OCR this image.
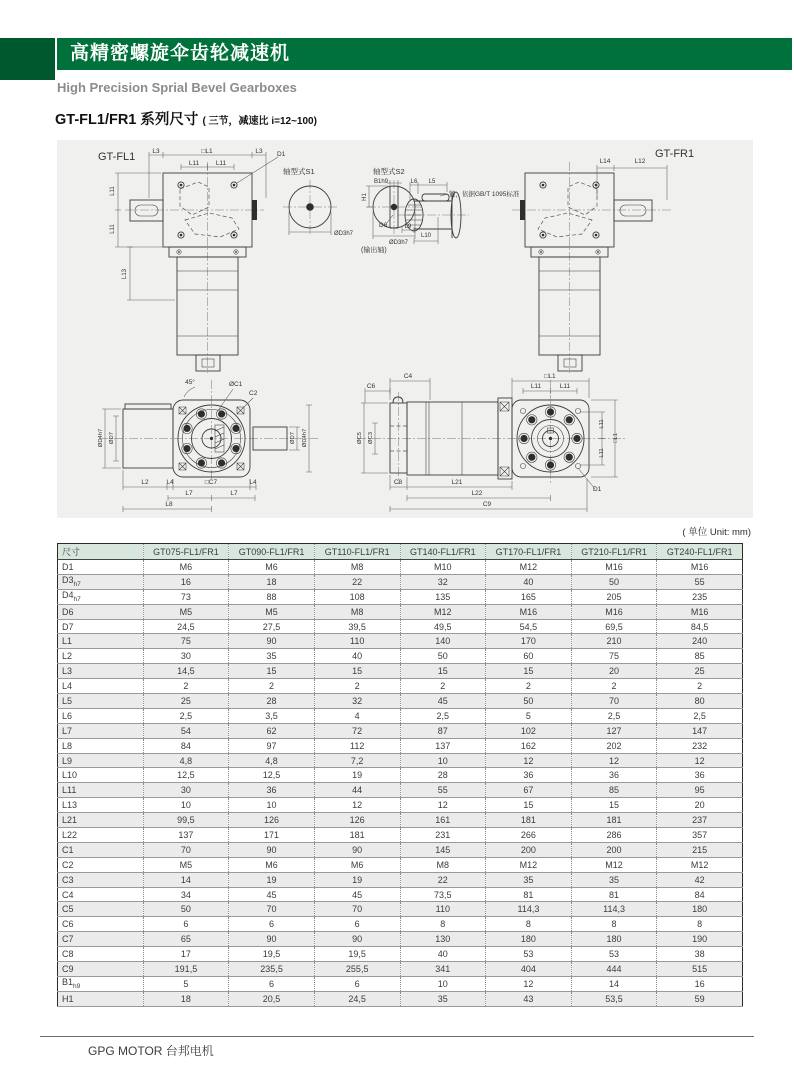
高精密螺旋伞齿轮减速机
High Precision Sprial Bevel Gearboxes
GT-FL1/FR1 系列尺寸 ( 三节，减速比 i=12~100)
GT-FL1	L3	□L1	L3 D1
L11	L11
L11
L11
L13
轴型式S1	轴型式S2
ØD3h7
B1h9
H1
D6
ØD3h7
(输出轴)
L6 L5
键，依据GB/T 1095标准
L9
L10
GT-FR1
L14	L12
45°	ØC1
C2
ØD4h7 ØD7	ØD7 ØD4h7
L2	L4	□C7	L4
L7	L7
L8
C4
C6
ØC5 ØC3
□L1
L11	L11
L11
L11
□L1
C8	L21
L22
C9
D1
( 单位 Unit: mm)
尺寸	GT075-FL1/FR1	GT090-FL1/FR1	GT110-FL1/FR1	GT140-FL1/FR1	GT170-FL1/FR1	GT210-FL1/FR1	GT240-FL1/FR1
D1	M6	M6	M8	M10	M12	M16	M16
$D3_{h7}$	16	18	22	32	40	50	55
$D4_{h7}$	73	88	108	135	165	205	235
D6	M5	M5	M8	M12	M16	M16	M16
D7	24,5	27,5	39,5	49,5	54,5	69,5	84,5
L1	75	90	110	140	170	210	240
L2	30	35	40	50	60	75	85
L3	14,5	15	15	15	15	20	25
L4	2	2	2	2	2	2	2
L5	25	28	32	45	50	70	80
L6	2,5	3,5	4	2,5	5	2,5	2,5
L7	54	62	72	87	102	127	147
L8	84	97	112	137	162	202	232
L9	4,8	4,8	7,2	10	12	12	12
L10	12,5	12,5	19	28	36	36	36
L11	30	36	44	55	67	85	95
L13	10	10	12	12	15	15	20
L21	99,5	126	126	161	181	181	237
L22	137	171	181	231	266	286	357
C1	70	90	90	145	200	200	215
C2	M5	M6	M6	M8	M12	M12	M12
C3	14	19	19	22	35	35	42
C4	34	45	45	73,5	81	81	84
C5	50	70	70	110	114,3	114,3	180
C6	6	6	6	8	8	8	8
C7	65	90	90	130	180	180	190
C8	17	19,5	19,5	40	53	53	38
C9	191,5	235,5	255,5	341	404	444	515
$B1_{h9}$	5	6	6	10	12	14	16
H1	18	20,5	24,5	35	43	53,5	59
GPG MOTOR 台邦电机
